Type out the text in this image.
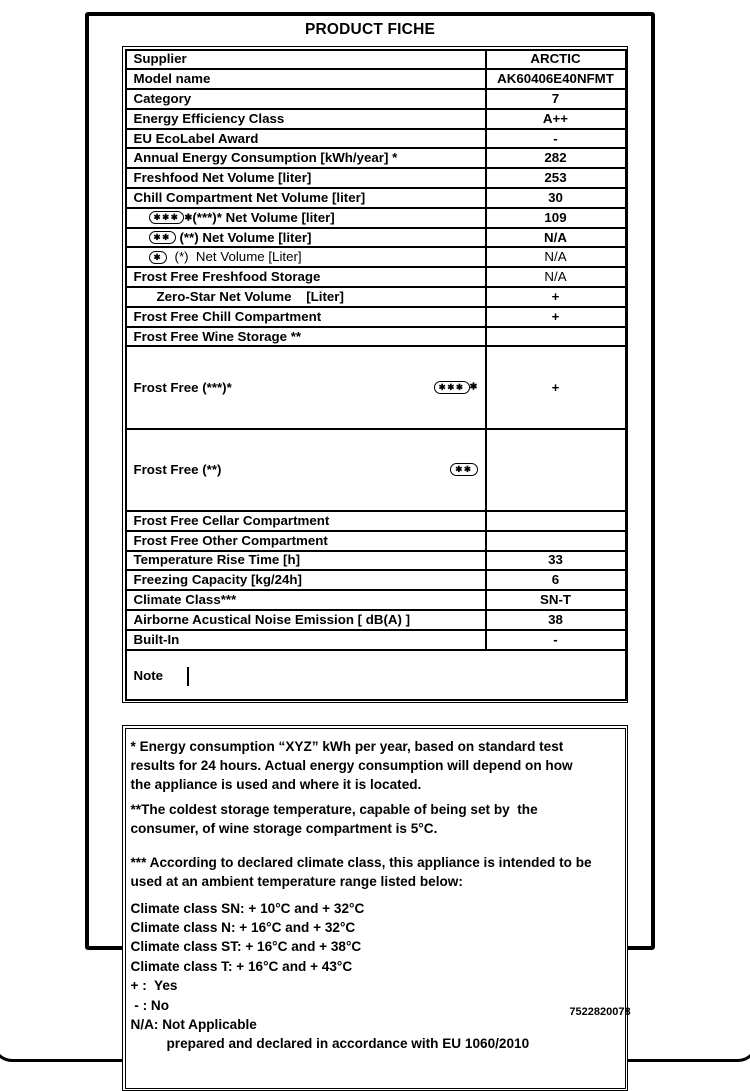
PRODUCT FICHE
Supplier	ARCTIC
Model name	AK60406E40NFMT
Category	7
Energy Efficiency Class	A++
EU EcoLabel Award	-
Annual Energy Consumption [kWh/year] *	282
Freshfood Net Volume [liter]	253
Chill Compartment Net Volume [liter]	30
✱✱✱ ✱(***)* Net Volume [liter]	109
✱✱ (**) Net Volume [liter]	N/A
✱  (*)  Net Volume [Liter]	N/A
Frost Free Freshfood Storage	N/A
Zero-Star Net Volume    [Liter]	+
Frost Free Chill Compartment	+
Frost Free Wine Storage **	

Frost Free (***)* ✱✱✱ ✱	+

Frost Free (**) ✱✱	

Frost Free Cellar Compartment	
Frost Free Other Compartment	
Temperature Rise Time [h]	33
Freezing Capacity [kg/24h]	6
Climate Class***	SN-T
Airborne Acustical Noise Emission [ dB(A) ]	38
Built-In	-

Note	

* Energy consumption “XYZ” kWh per year, based on standard test
results for 24 hours. Actual energy consumption will depend on how
the appliance is used and where it is located.
**The coldest storage temperature, capable of being set by  the
consumer, of wine storage compartment is 5°C.
*** According to declared climate class, this appliance is intended to be
used at an ambient temperature range listed below:
Climate class SN: + 10°C and + 32°C
Climate class N: + 16°C and + 32°C
Climate class ST: + 16°C and + 38°C
Climate class T: + 16°C and + 43°C
+ :  Yes
- : No
N/A: Not Applicable
prepared and declared in accordance with EU 1060/2010
7522820078
